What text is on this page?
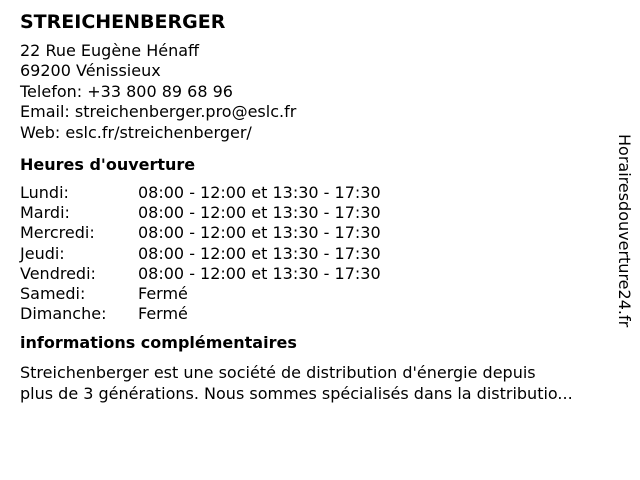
STREICHENBERGER
22 Rue Eugène Hénaff
69200 Vénissieux
Telefon: +33 800 89 68 96
Email: streichenberger.pro@eslc.fr
Web: eslc.fr/streichenberger/
Heures d'ouverture
Lundi:	08:00 - 12:00 et 13:30 - 17:30
Mardi:	08:00 - 12:00 et 13:30 - 17:30
Mercredi:	08:00 - 12:00 et 13:30 - 17:30
Jeudi:	08:00 - 12:00 et 13:30 - 17:30
Vendredi:	08:00 - 12:00 et 13:30 - 17:30
Samedi:	Fermé
Dimanche:	Fermé
informations complémentaires
Streichenberger est une société de distribution d'énergie depuis
plus de 3 générations. Nous sommes spécialisés dans la distributio...
Horairesdouverture24.fr
